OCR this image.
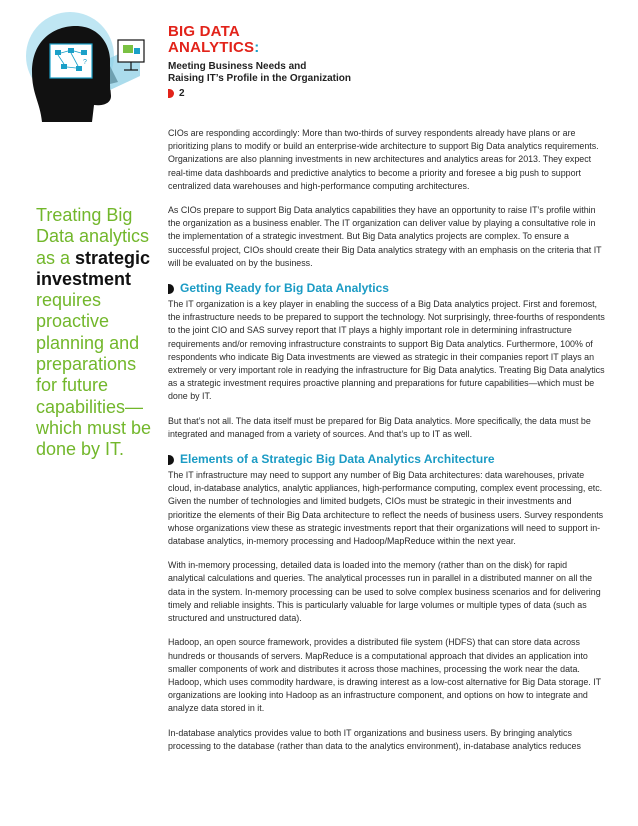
?
BIG DATA
ANALYTICS:
Meeting Business Needs and
Raising IT’s Profile in the Organization
2
Treating Big Data analytics as a strategic investment requires proactive planning and preparations for future capabilities—which must be done by IT.

CIOs are responding accordingly: More than two-thirds of survey respondents already have plans or are prioritizing plans to modify or build an enterprise-wide architecture to support Big Data analytics requirements. Organizations are also planning investments in new architectures and analytics areas for 2013. They expect real-time data dashboards and predictive analytics to become a priority and foresee a big push to support centralized data warehouses and high-performance computing architectures.

As CIOs prepare to support Big Data analytics capabilities they have an opportunity to raise IT’s profile within the organization as a business enabler. The IT organization can deliver value by playing a consultative role in the implementation of a strategic investment. But Big Data analytics projects are complex. To ensure a successful project, CIOs should create their Big Data analytics strategy with an emphasis on the criteria that IT will be evaluated on by the business.

Getting Ready for Big Data Analytics

The IT organization is a key player in enabling the success of a Big Data analytics project. First and foremost, the infrastructure needs to be prepared to support the technology. Not surprisingly, three-fourths of respondents to the joint CIO and SAS survey report that IT plays a highly important role in determining infrastructure requirements and/or removing infrastructure constraints to support Big Data analytics. Furthermore, 100% of respondents who indicate Big Data investments are viewed as strategic in their companies report IT plays an extremely or very important role in readying the infrastructure for Big Data analytics. Treating Big Data analytics as a strategic investment requires proactive planning and preparations for future capabilities—which must be done by IT.

But that’s not all. The data itself must be prepared for Big Data analytics. More specifically, the data must be integrated and managed from a variety of sources. And that’s up to IT as well.

Elements of a Strategic Big Data Analytics Architecture

The IT infrastructure may need to support any number of Big Data architectures: data warehouses, private cloud, in-database analytics, analytic appliances, high-performance computing, complex event processing, etc. Given the number of technologies and limited budgets, CIOs must be strategic in their investments and prioritize the elements of their Big Data architecture to reflect the needs of business users. Survey respondents whose organizations view these as strategic investments report that their organizations will need to support in-database analytics, in-memory processing and Hadoop/MapReduce within the next year.

With in-memory processing, detailed data is loaded into the memory (rather than on the disk) for rapid analytical calculations and queries. The analytical processes run in parallel in a distributed manner on all the data in the system. In-memory processing can be used to solve complex business scenarios and for delivering timely and reliable insights. This is particularly valuable for large volumes or multiple types of data (such as structured and unstructured data).

Hadoop, an open source framework, provides a distributed file system (HDFS) that can store data across hundreds or thousands of servers. MapReduce is a computational approach that divides an application into smaller components of work and distributes it across those machines, processing the work near the data. Hadoop, which uses commodity hardware, is drawing interest as a low-cost alternative for Big Data storage. IT organizations are looking into Hadoop as an infrastructure component, and options on how to integrate and analyze data stored in it.

In-database analytics provides value to both IT organizations and business users. By bringing analytics processing to the database (rather than data to the analytics environment), in-database analytics reduces
